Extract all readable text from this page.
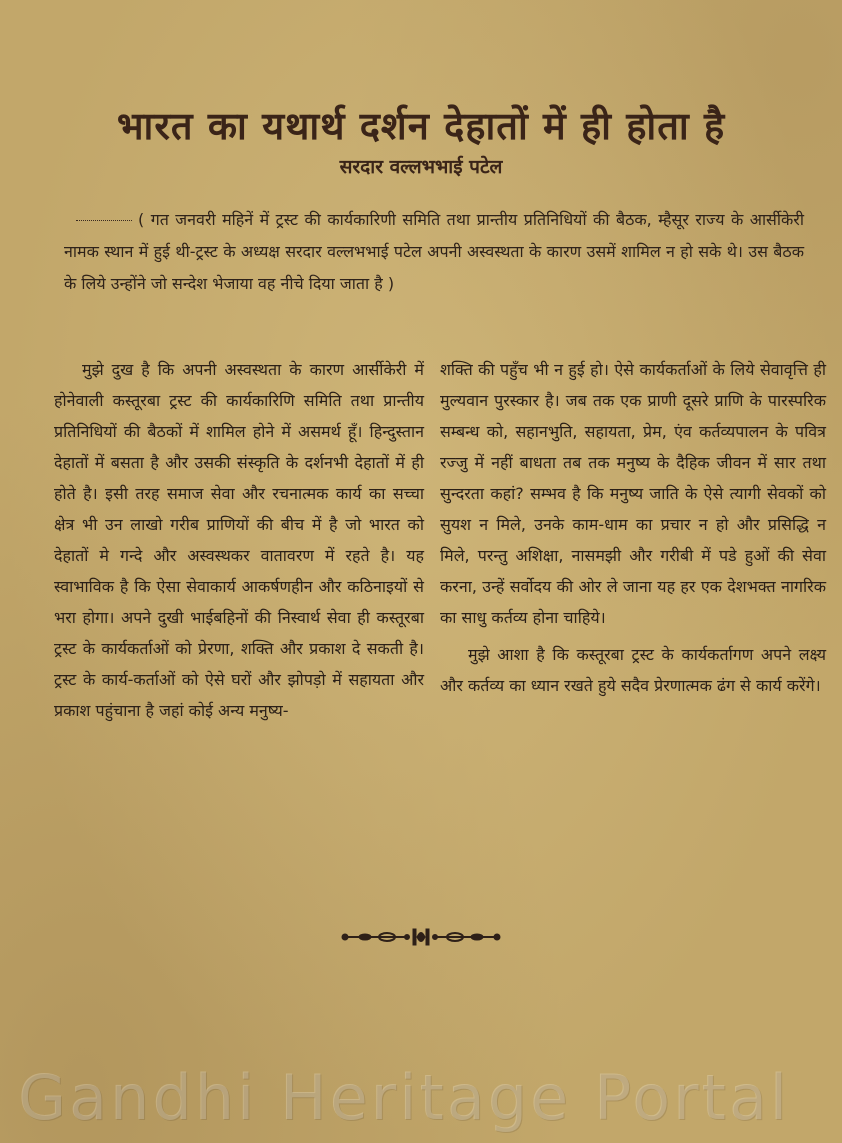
भारत का यथार्थ दर्शन देहातों में ही होता है
सरदार वल्लभभाई पटेल
( गत जनवरी महिनें में ट्रस्ट की कार्यकारिणी समिति तथा प्रान्तीय प्रतिनिधियों की बैठक, म्हैसूर राज्य के आर्सीकेरी नामक स्थान में हुई थी-ट्रस्ट के अध्यक्ष सरदार वल्लभभाई पटेल अपनी अस्वस्थता के कारण उसमें शामिल न हो सके थे। उस बैठक के लिये उन्होंने जो सन्देश भेजाया वह नीचे दिया जाता है )

मुझे दुख है कि अपनी अस्वस्थता के कारण आर्सीकेरी में होनेवाली कस्तूरबा ट्रस्ट की कार्यकारिणि समिति तथा प्रान्तीय प्रतिनिधियों की बैठकों में शामिल होने में असमर्थ हूँ। हिन्दुस्तान देहातों में बसता है और उसकी संस्कृति के दर्शनभी देहातों में ही होते है। इसी तरह समाज सेवा और रचनात्मक कार्य का सच्चा क्षेत्र भी उन लाखो गरीब प्राणियों की बीच में है जो भारत को देहातों मे गन्दे और अस्वस्थकर वातावरण में रहते है। यह स्वाभाविक है कि ऐसा सेवाकार्य आकर्षणहीन और कठिनाइयों से भरा होगा। अपने दुखी भाईबहिनों की निस्वार्थ सेवा ही कस्तूरबा ट्रस्ट के कार्यकर्ताओं को प्रेरणा, शक्ति और प्रकाश दे सकती है। ट्रस्ट के कार्य-कर्ताओं को ऐसे घरों और झोपड़ो में सहायता और प्रकाश पहुंचाना है जहां कोई अन्य मनुष्य-

शक्ति की पहुँच भी न हुई हो। ऐसे कार्यकर्ताओं के लिये सेवावृत्ति ही मुल्यवान पुरस्कार है। जब तक एक प्राणी दूसरे प्राणि के पारस्परिक सम्बन्ध को, सहानभुति, सहायता, प्रेम, एंव कर्तव्यपालन के पवित्र रज्जु में नहीं बाधता तब तक मनुष्य के दैहिक जीवन में सार तथा सुन्दरता कहां? सम्भव है कि मनुष्य जाति के ऐसे त्यागी सेवकों को सुयश न मिले, उनके काम-धाम का प्रचार न हो और प्रसिद्धि न मिले, परन्तु अशिक्षा, नासमझी और गरीबी में पडे हुओं की सेवा करना, उन्हें सर्वोदय की ओर ले जाना यह हर एक देशभक्त नागरिक का साधु कर्तव्य होना चाहिये।

मुझे आशा है कि कस्तूरबा ट्रस्ट के कार्यकर्तागण अपने लक्ष्य और कर्तव्य का ध्यान रखते हुये सदैव प्रेरणात्मक ढंग से कार्य करेंगे।

Gandhi Heritage Portal
